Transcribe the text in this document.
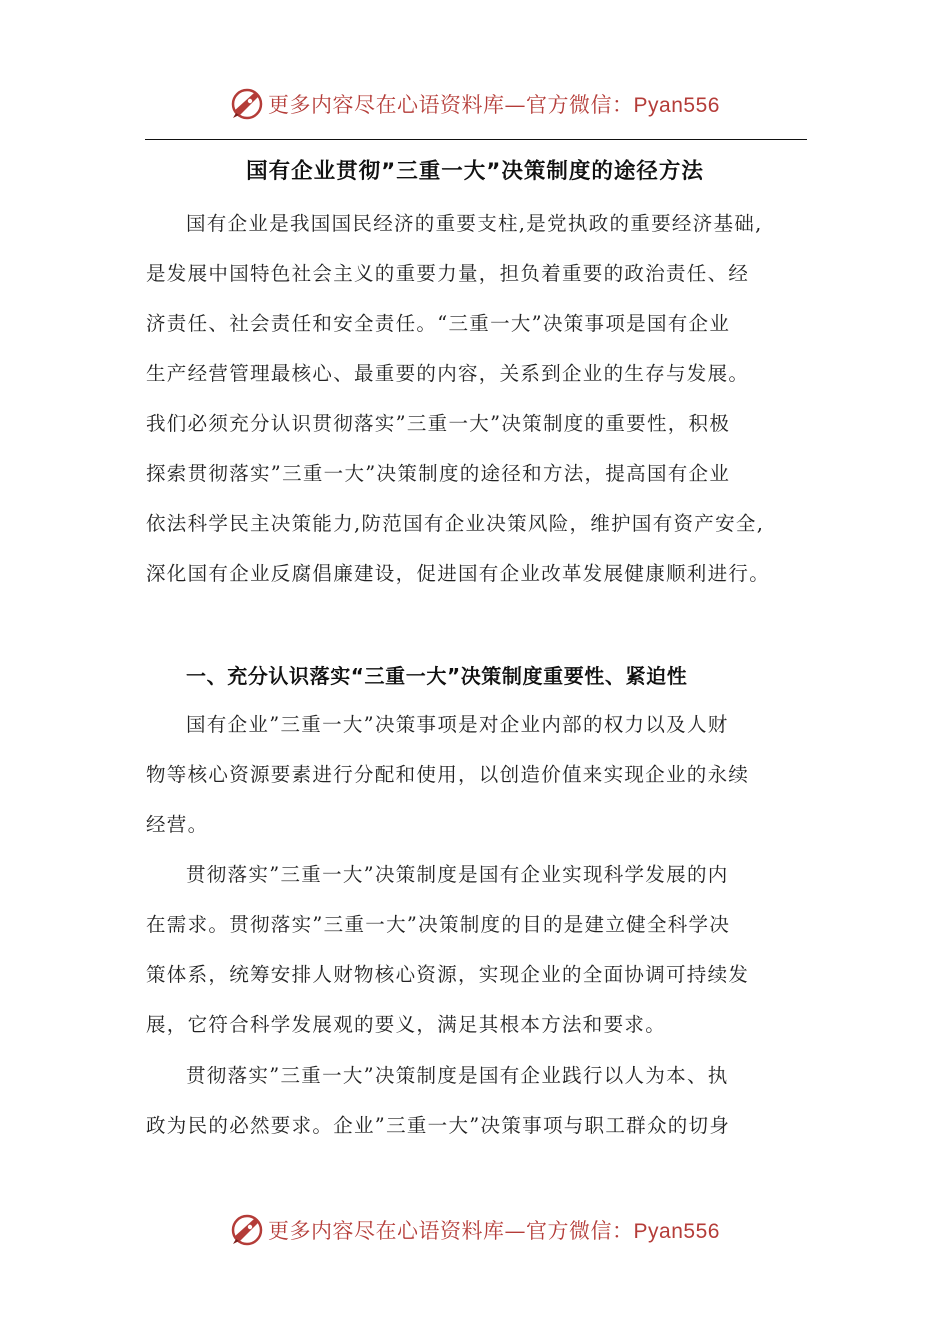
更多内容尽在心语资料库—官方微信：Pyan556
国有企业贯彻”三重一大”决策制度的途径方法
国有企业是我国国民经济的重要支柱,是党执政的重要经济基础,
是发展中国特色社会主义的重要力量，担负着重要的政治责任、经
济责任、社会责任和安全责任。“三重一大”决策事项是国有企业
生产经营管理最核心、最重要的内容，关系到企业的生存与发展。
我们必须充分认识贯彻落实”三重一大”决策制度的重要性，积极
探索贯彻落实”三重一大”决策制度的途径和方法，提高国有企业
依法科学民主决策能力,防范国有企业决策风险，维护国有资产安全,
深化国有企业反腐倡廉建设，促进国有企业改革发展健康顺利进行。
一、充分认识落实“三重一大”决策制度重要性、紧迫性
国有企业”三重一大”决策事项是对企业内部的权力以及人财
物等核心资源要素进行分配和使用，以创造价值来实现企业的永续
经营。
贯彻落实”三重一大”决策制度是国有企业实现科学发展的内
在需求。贯彻落实”三重一大”决策制度的目的是建立健全科学决
策体系，统筹安排人财物核心资源，实现企业的全面协调可持续发
展，它符合科学发展观的要义，满足其根本方法和要求。
贯彻落实”三重一大”决策制度是国有企业践行以人为本、执
政为民的必然要求。企业”三重一大”决策事项与职工群众的切身
更多内容尽在心语资料库—官方微信：Pyan556
